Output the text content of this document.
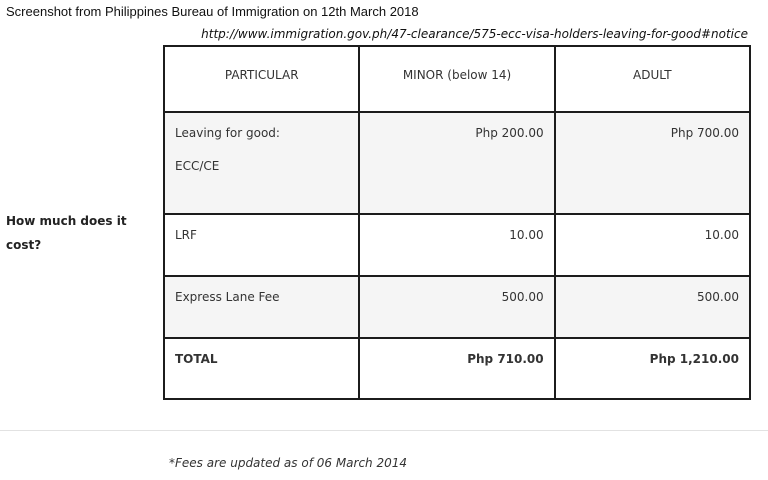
Screenshot from Philippines Bureau of Immigration on 12th March 2018
http://www.immigration.gov.ph/47-clearance/575-ecc-visa-holders-leaving-for-good#notice
How much does it cost?
PARTICULAR	MINOR (below 14)	ADULT
Leaving for good:
ECC/CE	Php 200.00	Php 700.00
LRF	10.00	10.00
Express Lane Fee	500.00	500.00
TOTAL	Php 710.00	Php 1,210.00
*Fees are updated as of 06 March 2014
